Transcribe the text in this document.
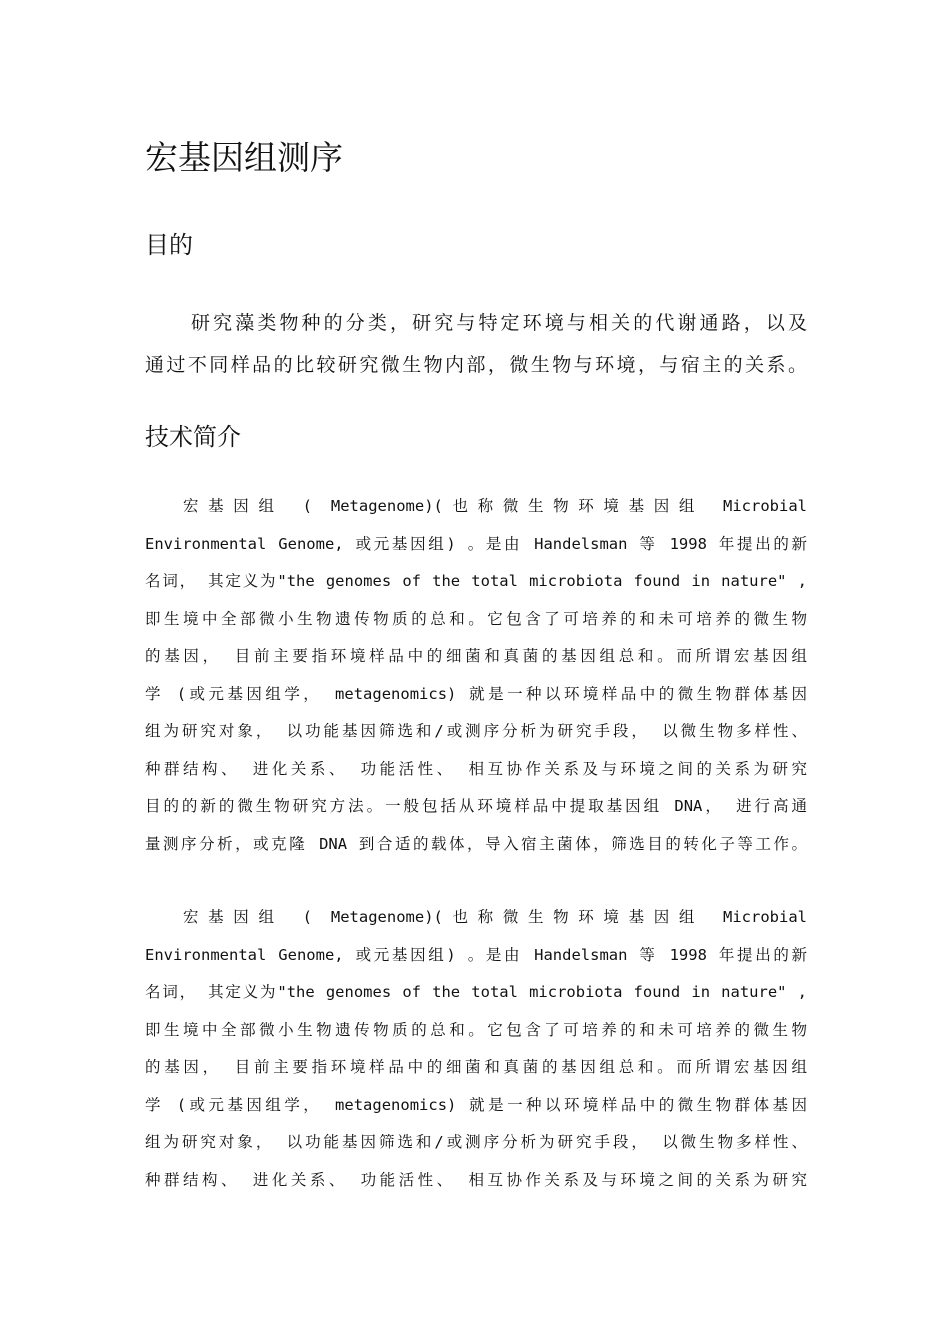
宏基因组测序
目的

研究藻类物种的分类，研究与特定环境与相关的代谢通路，以及
通过不同样品的比较研究微生物内部，微生物与环境，与宿主的关系。

技术简介
宏基因组 ( Metagenome)(也称微生物环境基因组 Microbial
Environmental Genome, 或元基因组) 。是由 Handelsman 等 1998 年提出的新
名词， 其定义为"the genomes of the total microbiota found in nature" ,
即生境中全部微小生物遗传物质的总和。它包含了可培养的和未可培养的微生物
的基因， 目前主要指环境样品中的细菌和真菌的基因组总和。而所谓宏基因组
学 (或元基因组学， metagenomics) 就是一种以环境样品中的微生物群体基因
组为研究对象， 以功能基因筛选和/或测序分析为研究手段， 以微生物多样性、
种群结构、 进化关系、 功能活性、 相互协作关系及与环境之间的关系为研究
目的的新的微生物研究方法。一般包括从环境样品中提取基因组 DNA， 进行高通
量测序分析，或克隆 DNA 到合适的载体，导入宿主菌体，筛选目的转化子等工作。
宏基因组 ( Metagenome)(也称微生物环境基因组 Microbial
Environmental Genome, 或元基因组) 。是由 Handelsman 等 1998 年提出的新
名词， 其定义为"the genomes of the total microbiota found in nature" ,
即生境中全部微小生物遗传物质的总和。它包含了可培养的和未可培养的微生物
的基因， 目前主要指环境样品中的细菌和真菌的基因组总和。而所谓宏基因组
学 (或元基因组学， metagenomics) 就是一种以环境样品中的微生物群体基因
组为研究对象， 以功能基因筛选和/或测序分析为研究手段， 以微生物多样性、
种群结构、 进化关系、 功能活性、 相互协作关系及与环境之间的关系为研究
